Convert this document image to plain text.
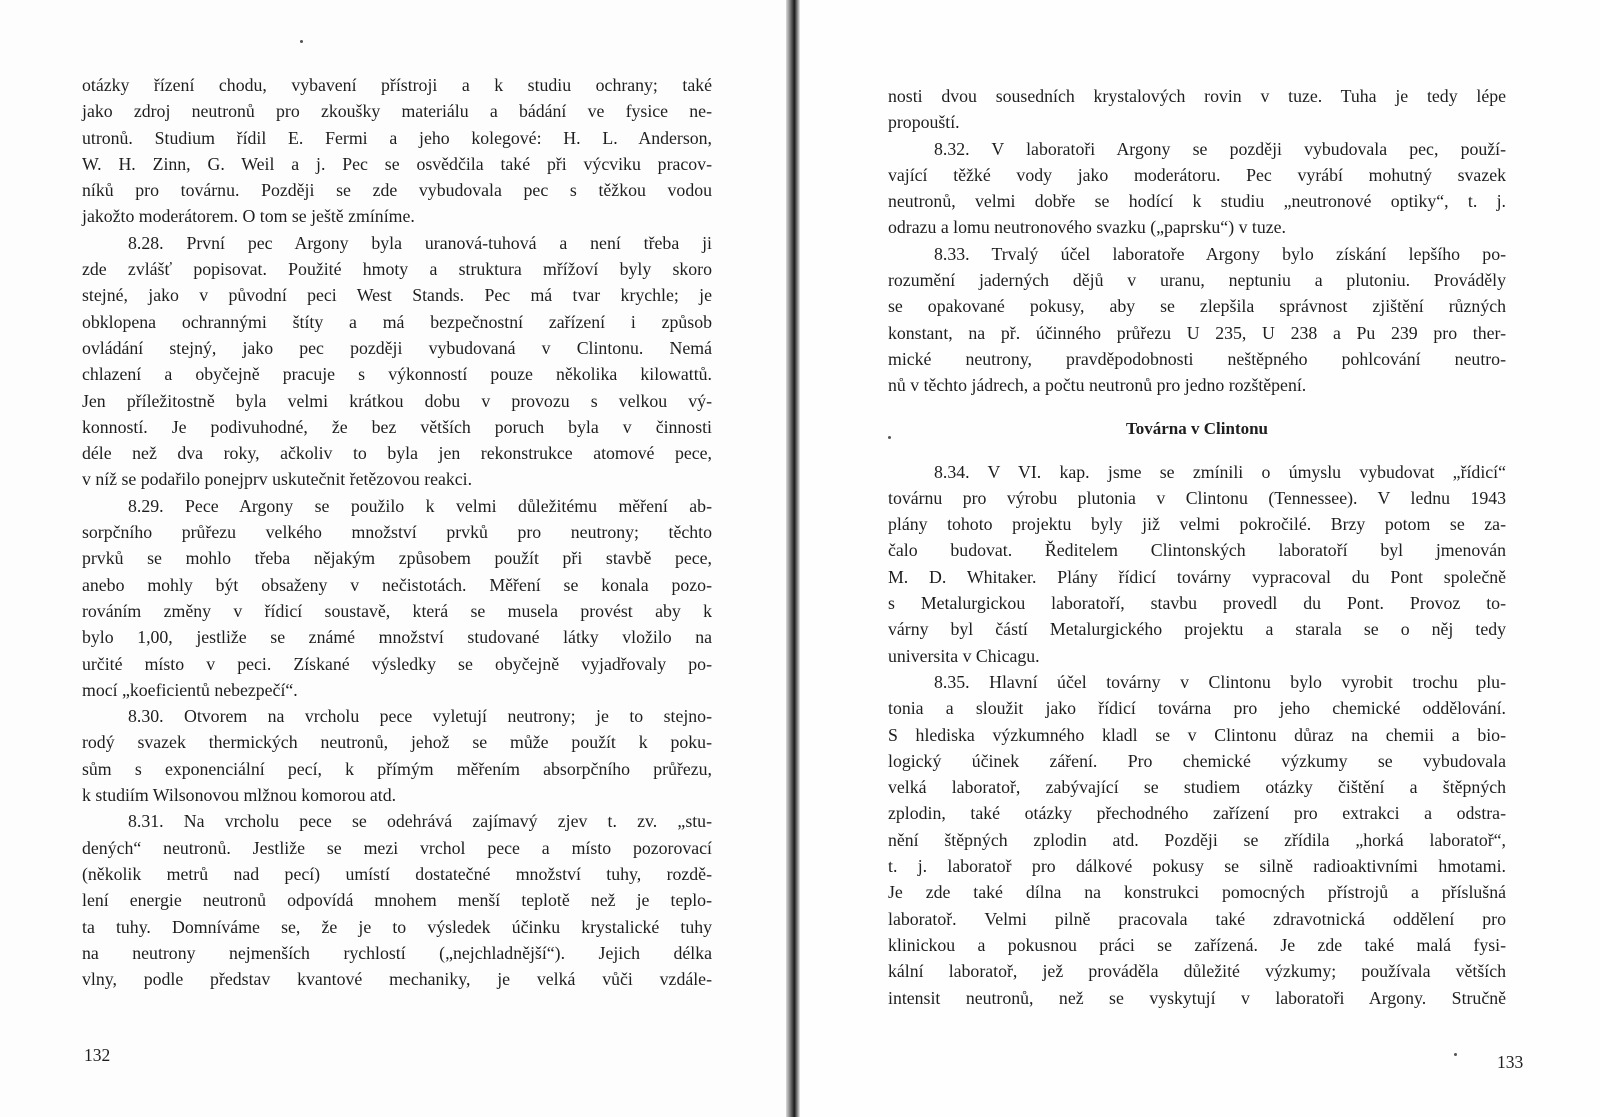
otázky řízení chodu, vybavení přístroji a k studiu ochrany; také
jako zdroj neutronů pro zkoušky materiálu a bádání ve fysice ne-
utronů. Studium řídil E. Fermi a jeho kolegové: H. L. Anderson,
W. H. Zinn, G. Weil a j. Pec se osvědčila také při výcviku pracov-
níků pro továrnu. Později se zde vybudovala pec s těžkou vodou
jakožto moderátorem. O tom se ještě zmíníme.
8.28. První pec Argony byla uranová-tuhová a není třeba ji
zde zvlášť popisovat. Použité hmoty a struktura mřížoví byly skoro
stejné, jako v původní peci West Stands. Pec má tvar krychle; je
obklopena ochrannými štíty a má bezpečnostní zařízení i způsob
ovládání stejný, jako pec později vybudovaná v Clintonu. Nemá
chlazení a obyčejně pracuje s výkonností pouze několika kilowattů.
Jen příležitostně byla velmi krátkou dobu v provozu s velkou vý-
konností. Je podivuhodné, že bez větších poruch byla v činnosti
déle než dva roky, ačkoliv to byla jen rekonstrukce atomové pece,
v níž se podařilo ponejprv uskutečnit řetězovou reakci.
8.29. Pece Argony se použilo k velmi důležitému měření ab-
sorpčního průřezu velkého množství prvků pro neutrony; těchto
prvků se mohlo třeba nějakým způsobem použít při stavbě pece,
anebo mohly být obsaženy v nečistotách. Měření se konala pozo-
rováním změny v řídicí soustavě, která se musela provést aby k
bylo 1,00, jestliže se známé množství studované látky vložilo na
určité místo v peci. Získané výsledky se obyčejně vyjadřovaly po-
mocí „koeficientů nebezpečí“.
8.30. Otvorem na vrcholu pece vyletují neutrony; je to stejno-
rodý svazek thermických neutronů, jehož se může použít k poku-
sům s exponenciální pecí, k přímým měřením absorpčního průřezu,
k studiím Wilsonovou mlžnou komorou atd.
8.31. Na vrcholu pece se odehrává zajímavý zjev t. zv. „stu-
dených“ neutronů. Jestliže se mezi vrchol pece a místo pozorovací
(několik metrů nad pecí) umístí dostatečné množství tuhy, rozdě-
lení energie neutronů odpovídá mnohem menší teplotě než je teplo-
ta tuhy. Domníváme se, že je to výsledek účinku krystalické tuhy
na neutrony nejmenších rychlostí („nejchladnější“). Jejich délka
vlny, podle představ kvantové mechaniky, je velká vůči vzdále-
132
nosti dvou sousedních krystalových rovin v tuze. Tuha je tedy lépe
propouští.
8.32. V laboratoři Argony se později vybudovala pec, použí-
vající těžké vody jako moderátoru. Pec vyrábí mohutný svazek
neutronů, velmi dobře se hodící k studiu „neutronové optiky“, t. j.
odrazu a lomu neutronového svazku („paprsku“) v tuze.
8.33. Trvalý účel laboratoře Argony bylo získání lepšího po-
rozumění jaderných dějů v uranu, neptuniu a plutoniu. Prováděly
se opakované pokusy, aby se zlepšila správnost zjištění různých
konstant, na př. účinného průřezu U 235, U 238 a Pu 239 pro ther-
mické neutrony, pravděpodobnosti neštěpného pohlcování neutro-
nů v těchto jádrech, a počtu neutronů pro jedno rozštěpení.
Továrna v Clintonu
8.34. V VI. kap. jsme se zmínili o úmyslu vybudovat „řídicí“
továrnu pro výrobu plutonia v Clintonu (Tennessee). V lednu 1943
plány tohoto projektu byly již velmi pokročilé. Brzy potom se za-
čalo budovat. Ředitelem Clintonských laboratoří byl jmenován
M. D. Whitaker. Plány řídicí továrny vypracoval du Pont společně
s Metalurgickou laboratoří, stavbu provedl du Pont. Provoz to-
várny byl částí Metalurgického projektu a starala se o něj tedy
universita v Chicagu.
8.35. Hlavní účel továrny v Clintonu bylo vyrobit trochu plu-
tonia a sloužit jako řídicí továrna pro jeho chemické oddělování.
S hlediska výzkumného kladl se v Clintonu důraz na chemii a bio-
logický účinek záření. Pro chemické výzkumy se vybudovala
velká laboratoř, zabývající se studiem otázky čištění a štěpných
zplodin, také otázky přechodného zařízení pro extrakci a odstra-
nění štěpných zplodin atd. Později se zřídila „horká laboratoř“,
t. j. laboratoř pro dálkové pokusy se silně radioaktivními hmotami.
Je zde také dílna na konstrukci pomocných přístrojů a příslušná
laboratoř. Velmi pilně pracovala také zdravotnická oddělení pro
klinickou a pokusnou práci se zařízená. Je zde také malá fysi-
kální laboratoř, jež prováděla důležité výzkumy; používala větších
intensit neutronů, než se vyskytují v laboratoři Argony. Stručně
133
